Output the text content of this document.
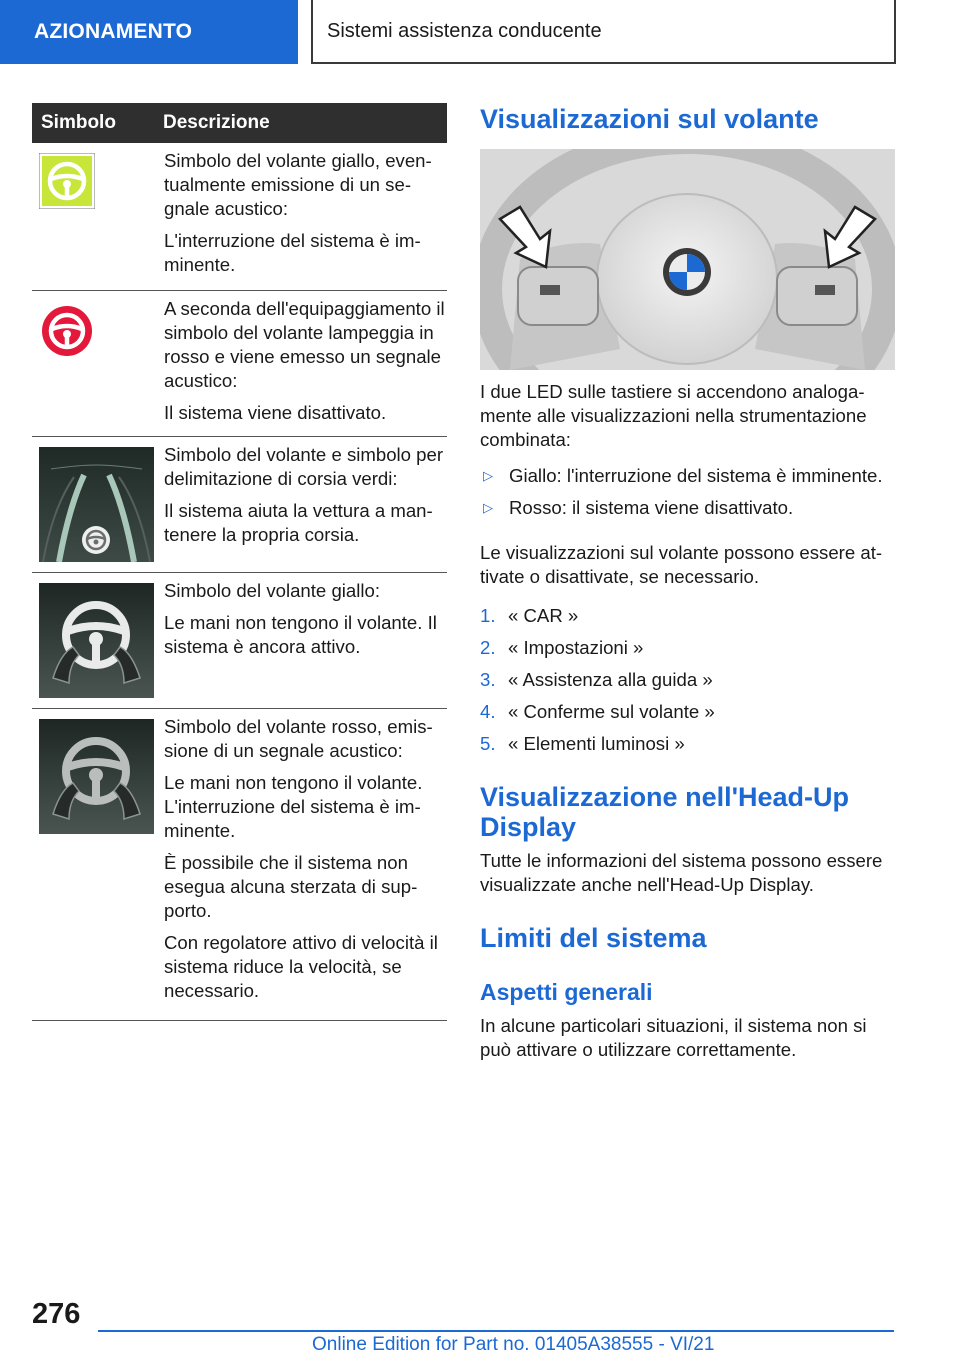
AZIONAMENTO	Sistemi assistenza conducente
Simbolo	Descrizione

Simbolo del volante giallo, eventualmente emissione di un segnale acustico:

L'interruzione del sistema è imminente.

A seconda dell'equipaggiamento il simbolo del volante lampeggia in rosso e viene emesso un segnale acustico:

Il sistema viene disattivato.

Simbolo del volante e simbolo per delimitazione di corsia verdi:

Il sistema aiuta la vettura a mantenere la propria corsia.

Simbolo del volante giallo:

Le mani non tengono il volante. Il sistema è ancora attivo.

Simbolo del volante rosso, emissione di un segnale acustico:

Le mani non tengono il volante. L'interruzione del sistema è imminente.

È possibile che il sistema non esegua alcuna sterzata di supporto.

Con regolatore attivo di velocità il sistema riduce la velocità, se necessario.

Visualizzazioni sul volante
I due LED sulle tastiere si accendono analogamente alle visualizzazioni nella strumentazione combinata:
▷ Giallo: l'interruzione del sistema è imminente.
▷ Rosso: il sistema viene disattivato.
Le visualizzazioni sul volante possono essere attivate o disattivate, se necessario.
1. « CAR »
2. « Impostazioni »
3. « Assistenza alla guida »
4. « Conferme sul volante »
5. « Elementi luminosi »
Visualizzazione nell'Head-Up Display
Tutte le informazioni del sistema possono essere visualizzate anche nell'Head-Up Display.
Limiti del sistema
Aspetti generali
In alcune particolari situazioni, il sistema non si può attivare o utilizzare correttamente.
276
Online Edition for Part no. 01405A38555 - VI/21
